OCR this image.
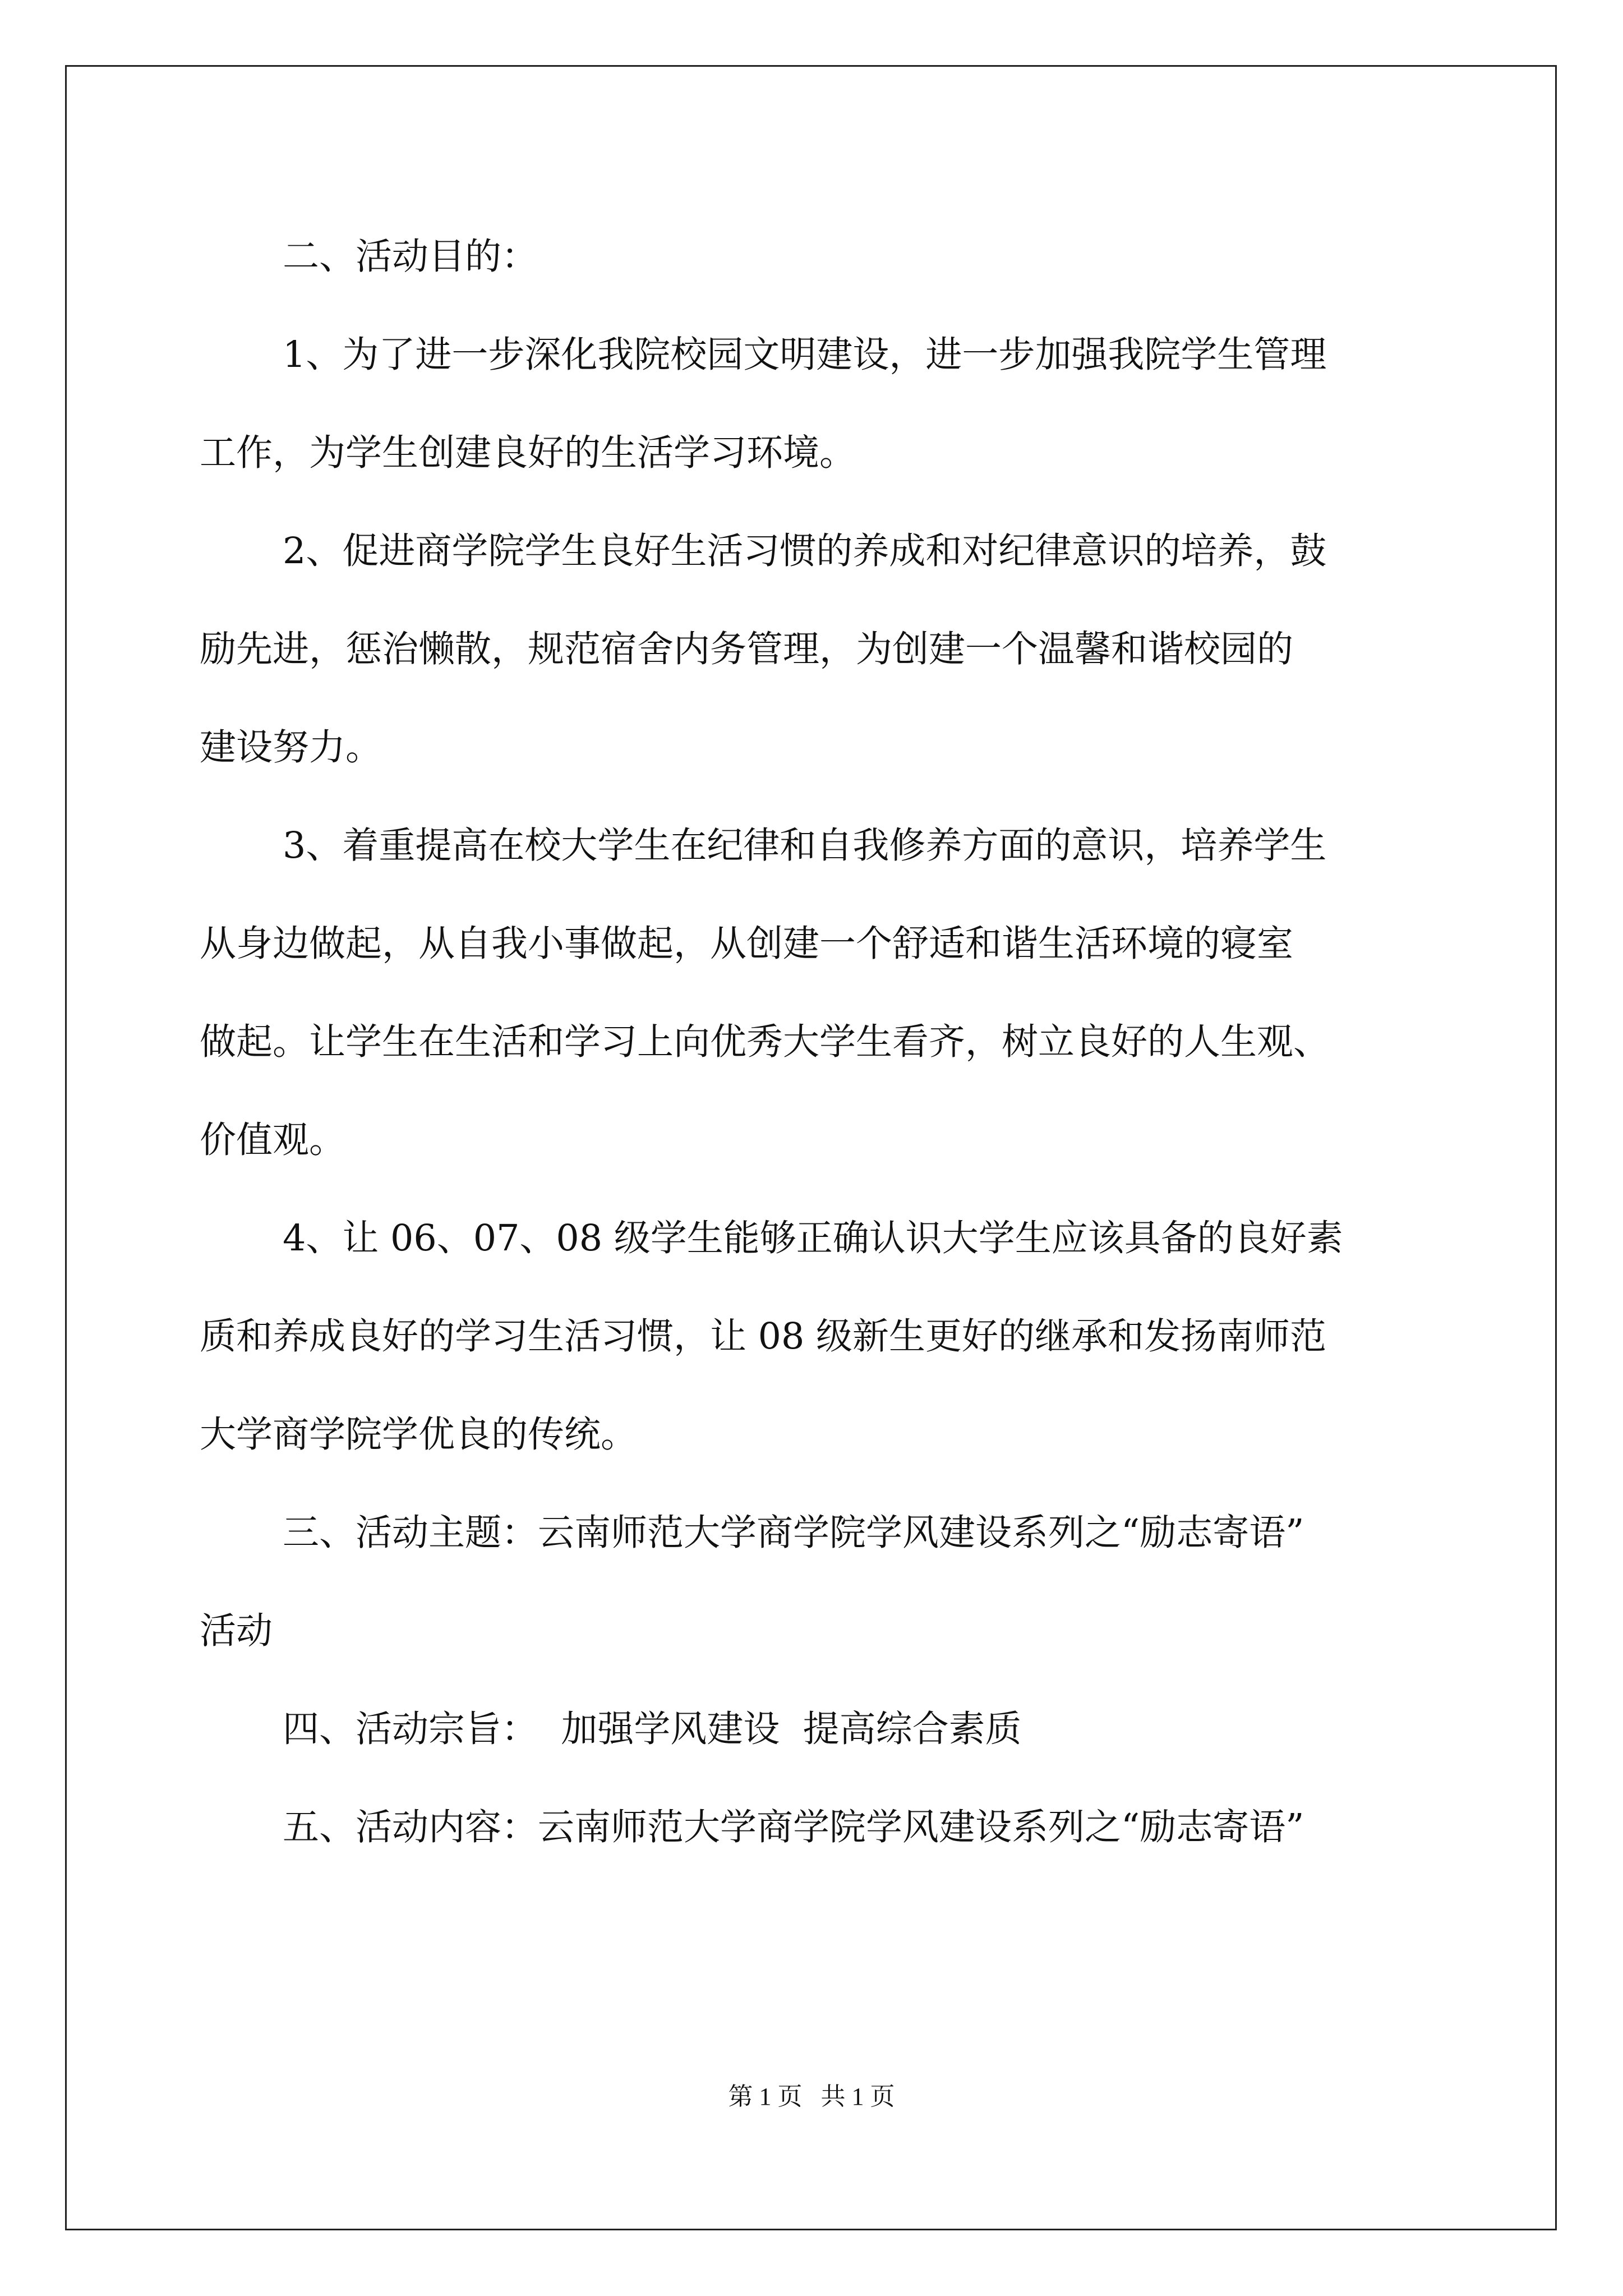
二、活动目的：
1、为了进一步深化我院校园文明建设，进一步加强我院学生管理
工作，为学生创建良好的生活学习环境。
2、促进商学院学生良好生活习惯的养成和对纪律意识的培养，鼓
励先进，惩治懒散，规范宿舍内务管理，为创建一个温馨和谐校园的
建设努力。
3、着重提高在校大学生在纪律和自我修养方面的意识，培养学生
从身边做起，从自我小事做起，从创建一个舒适和谐生活环境的寝室
做起。让学生在生活和学习上向优秀大学生看齐，树立良好的人生观、
价值观。
4、让 06、07、08 级学生能够正确认识大学生应该具备的良好素
质和养成良好的学习生活习惯，让 08 级新生更好的继承和发扬南师范
大学商学院学优良的传统。
三、活动主题：云南师范大学商学院学风建设系列之“励志寄语”
活动
四、活动宗旨：  加强学风建设  提高综合素质
五、活动内容：云南师范大学商学院学风建设系列之“励志寄语”
第 1 页   共 1 页
